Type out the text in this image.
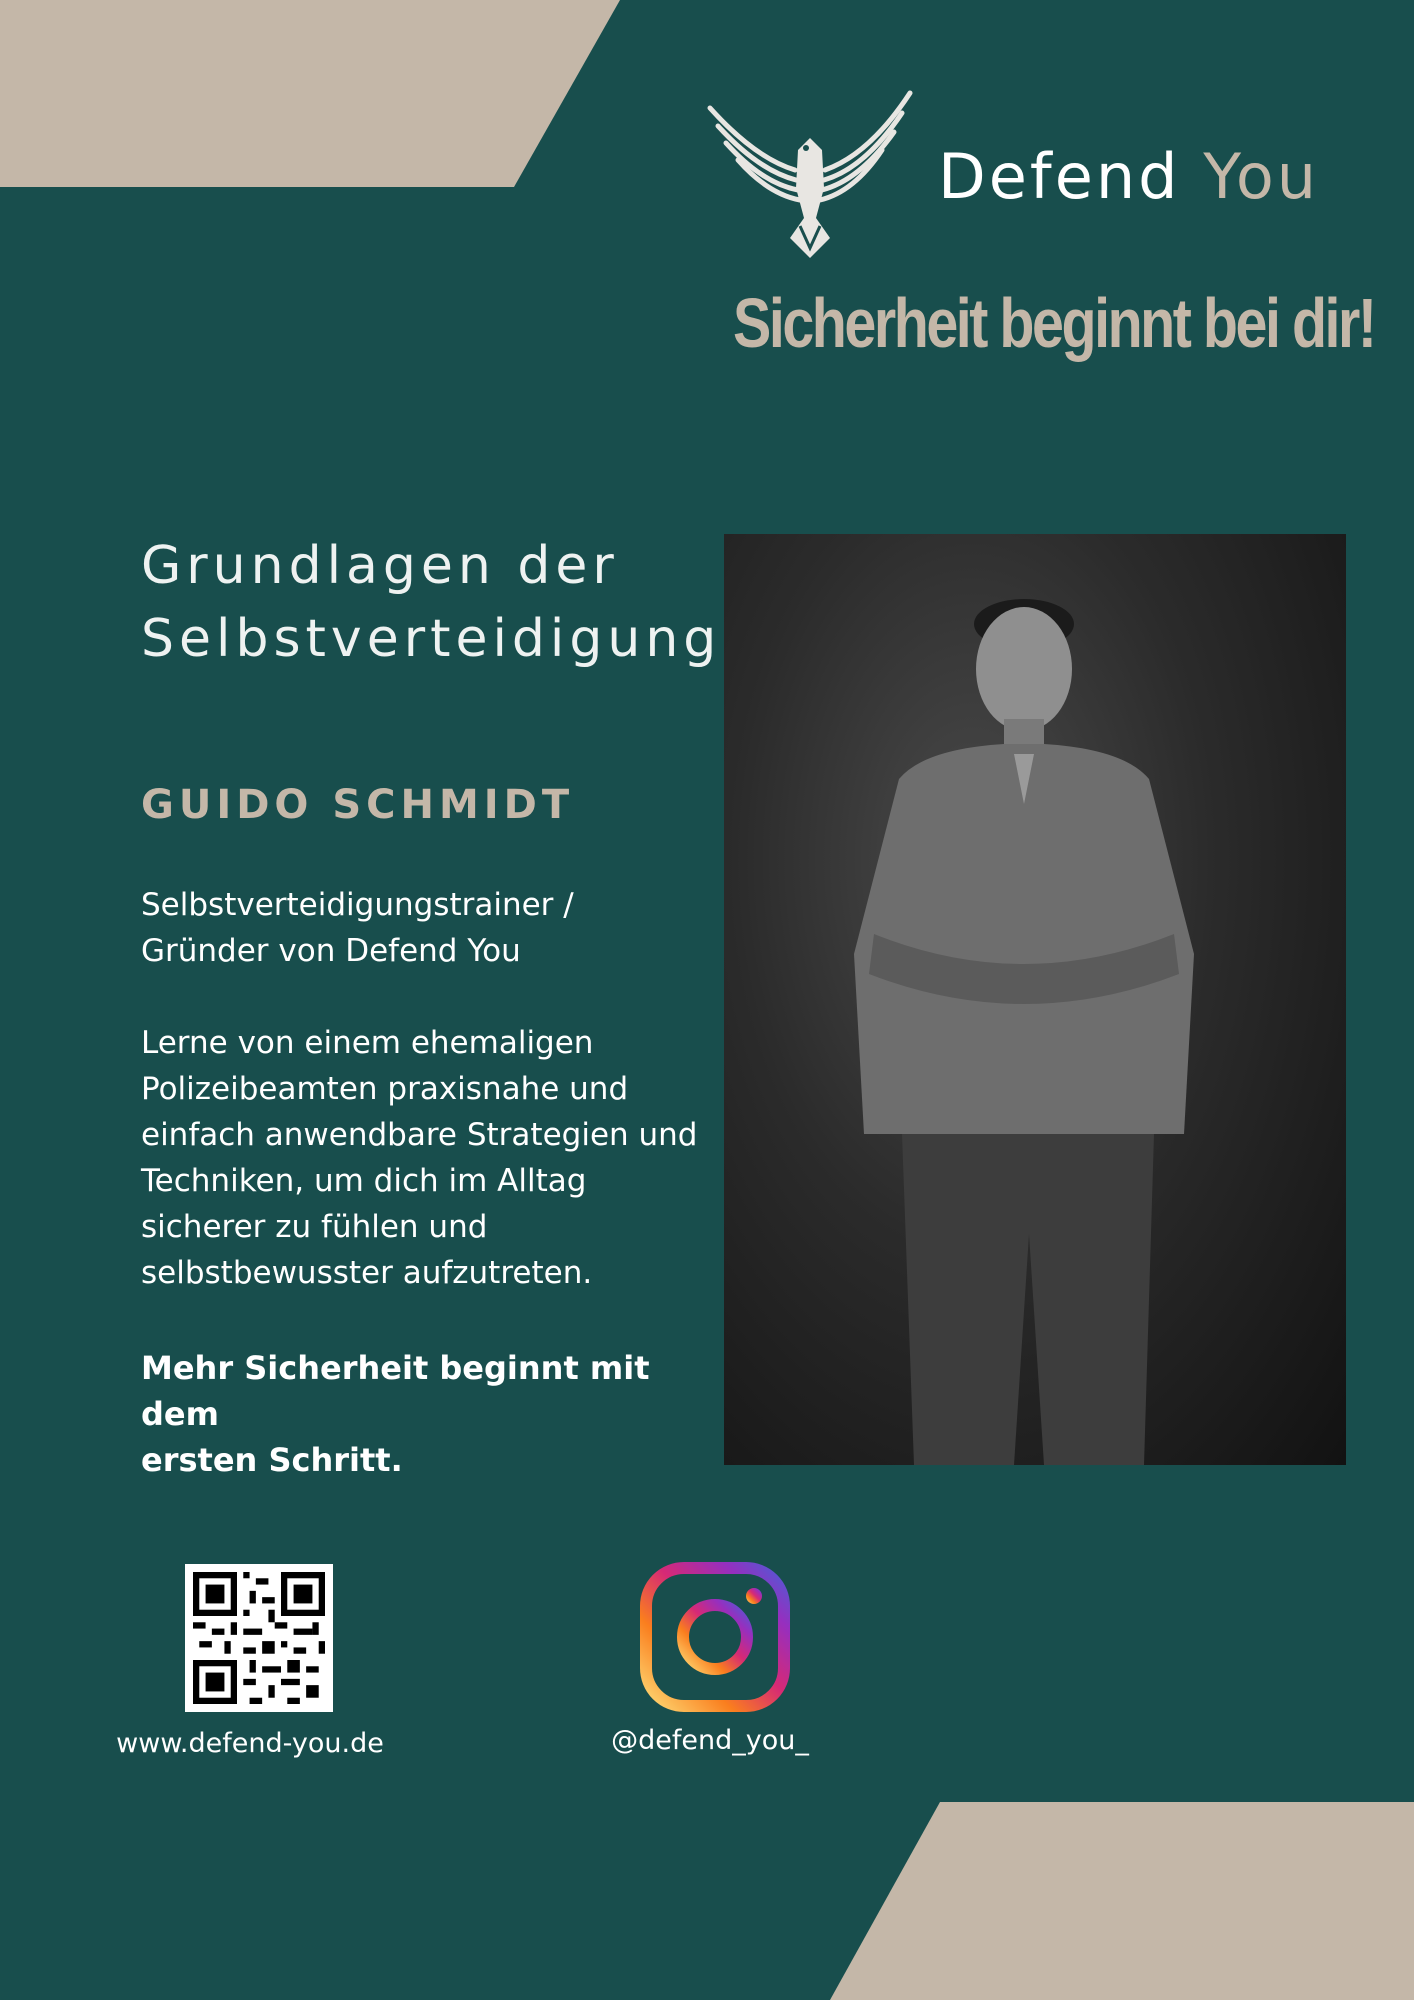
Defend You
Sicherheit beginnt bei dir!
Grundlagen der
Selbstverteidigung
GUIDO SCHMIDT
Selbstverteidigungstrainer /
Gründer von Defend You
Lerne von einem ehemaligen
Polizeibeamten praxisnahe und
einfach anwendbare Strategien und
Techniken, um dich im Alltag
sicherer zu fühlen und
selbstbewusster aufzutreten.
Mehr Sicherheit beginnt mit dem
ersten Schritt.
www.defend-you.de	@defend_you_
